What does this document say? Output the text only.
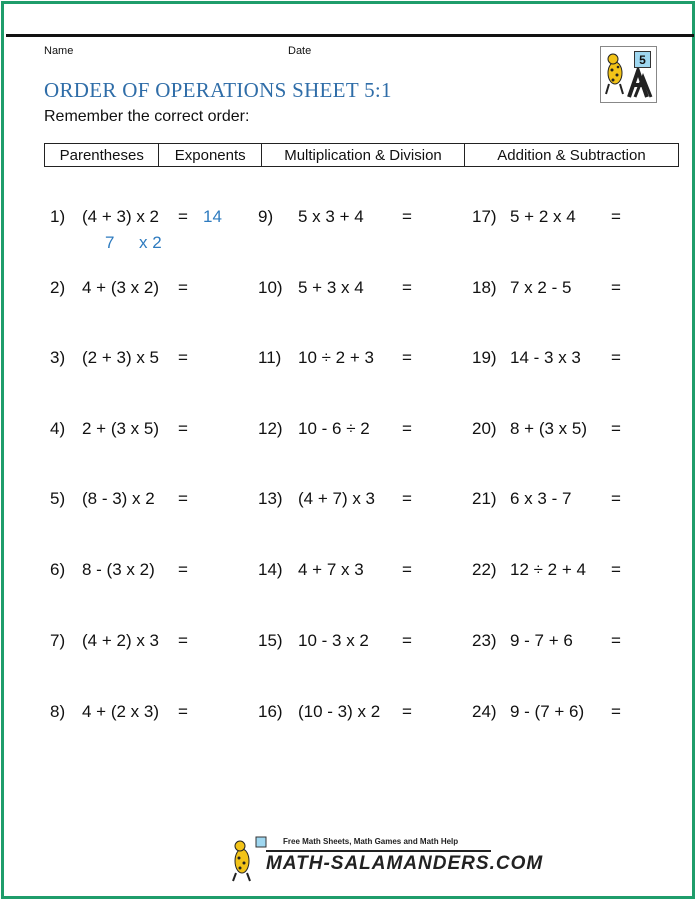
Name	Date
ORDER OF OPERATIONS SHEET 5:1
Remember the correct order:
5
Parentheses	Exponents	Multiplication & Division	Addition & Subtraction
1) (4 + 3) x 2 =
2) 4 + (3 x 2) =
3) (2 + 3) x 5 =
4) 2 + (3 x 5) =
5) (8 - 3) x 2 =
6) 8 - (3 x 2) =
7) (4 + 2) x 3 =
8) 4 + (2 x 3) =
9) 5 x 3 + 4 =
10) 5 + 3 x 4 =
11) 10 ÷ 2 + 3 =
12) 10 - 6 ÷ 2 =
13) (4 + 7) x 3 =
14) 4 + 7 x 3 =
15) 10 - 3 x 2 =
16) (10 - 3) x 2 =
17) 5 + 2 x 4 =
18) 7 x 2 - 5 =
19) 14 - 3 x 3 =
20) 8 + (3 x 5) =
21) 6 x 3 - 7 =
22) 12 ÷ 2 + 4 =
23) 9 - 7 + 6 =
24) 9 - (7 + 6) =
14
7 x 2
Free Math Sheets, Math Games and Math Help
MATH-SALAMANDERS.COM
